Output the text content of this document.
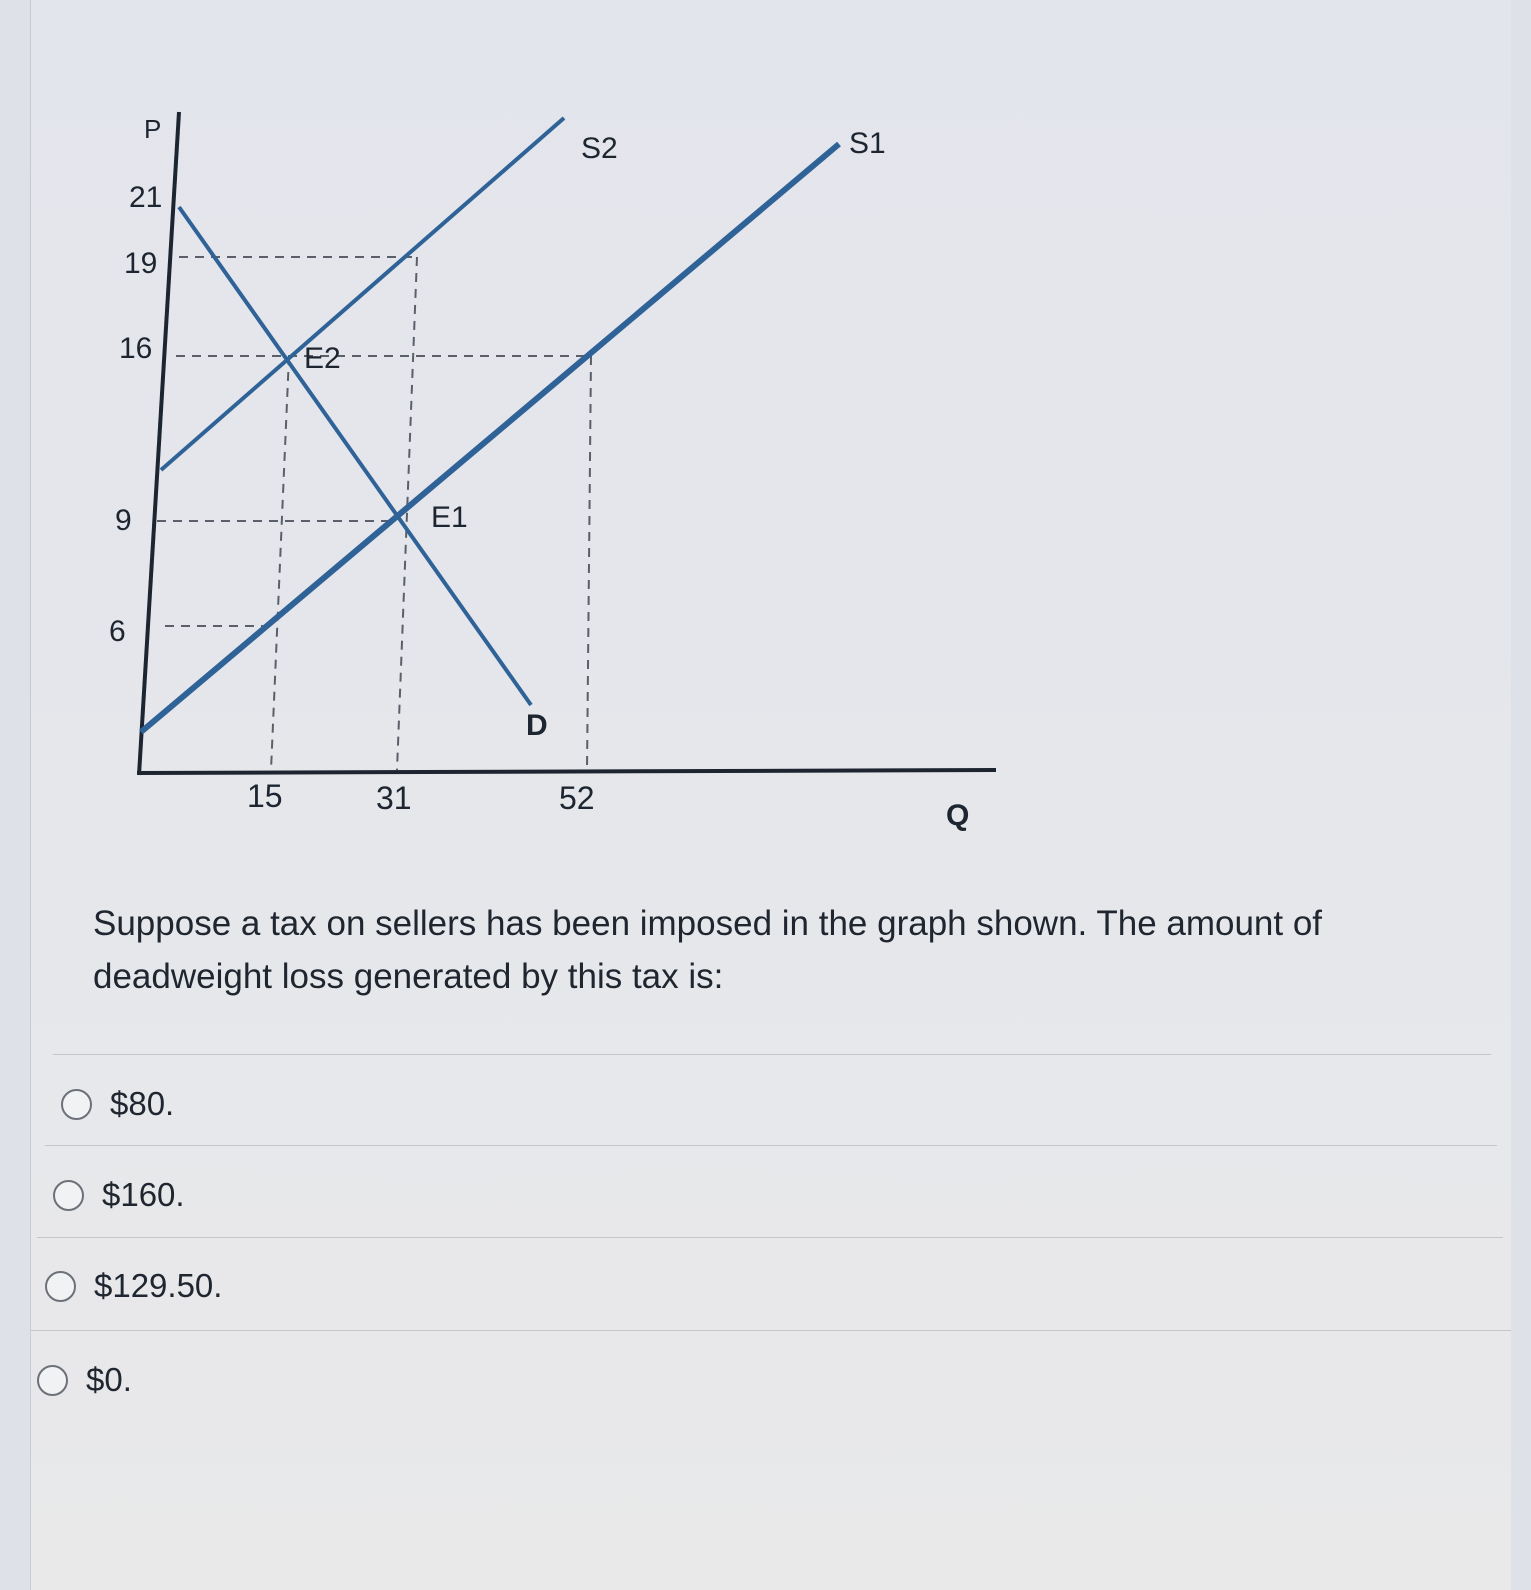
P
Q
21
19
16
9
6
15	31	52
S2	S1
D
E2
E1

Suppose a tax on sellers has been imposed in the graph shown. The amount of deadweight loss generated by this tax is:

$80.
$160.
$129.50.
$0.
